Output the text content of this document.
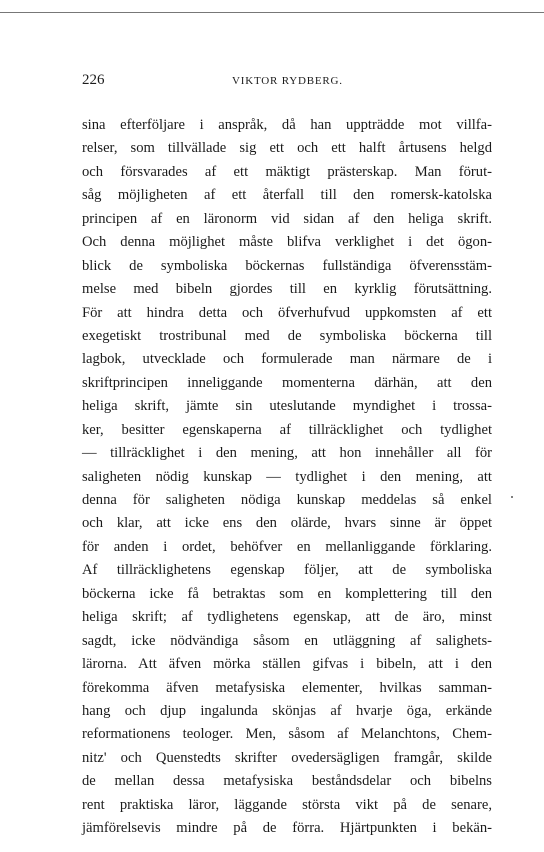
226	VIKTOR RYDBERG.
sina efterföljare i anspråk, då han uppträdde mot villfa-
relser, som tillvällade sig ett och ett halft årtusens helgd
och försvarades af ett mäktigt prästerskap. Man förut-
såg möjligheten af ett återfall till den romersk-katolska
principen af en läronorm vid sidan af den heliga skrift.
Och denna möjlighet måste blifva verklighet i det ögon-
blick de symboliska böckernas fullständiga öfverensstäm-
melse med bibeln gjordes till en kyrklig förutsättning.
För att hindra detta och öfverhufvud uppkomsten af ett
exegetiskt trostribunal med de symboliska böckerna till
lagbok, utvecklade och formulerade man närmare de i
skriftprincipen inneliggande momenterna därhän, att den
heliga skrift, jämte sin uteslutande myndighet i trossa-
ker, besitter egenskaperna af tillräcklighet och tydlighet
— tillräcklighet i den mening, att hon innehåller all för
saligheten nödig kunskap — tydlighet i den mening, att
denna för saligheten nödiga kunskap meddelas så enkel
och klar, att icke ens den olärde, hvars sinne är öppet
för anden i ordet, behöfver en mellanliggande förklaring.
Af tillräcklighetens egenskap följer, att de symboliska
böckerna icke få betraktas som en komplettering till den
heliga skrift; af tydlighetens egenskap, att de äro, minst
sagdt, icke nödvändiga såsom en utläggning af salighets-
lärorna. Att äfven mörka ställen gifvas i bibeln, att i den
förekomma äfven metafysiska elementer, hvilkas samman-
hang och djup ingalunda skönjas af hvarje öga, erkände
reformationens teologer. Men, såsom af Melanchtons, Chem-
nitz' och Quenstedts skrifter ovedersägligen framgår, skilde
de mellan dessa metafysiska beståndsdelar och bibelns
rent praktiska läror, läggande största vikt på de senare,
jämförelsevis mindre på de förra. Hjärtpunkten i bekän-
